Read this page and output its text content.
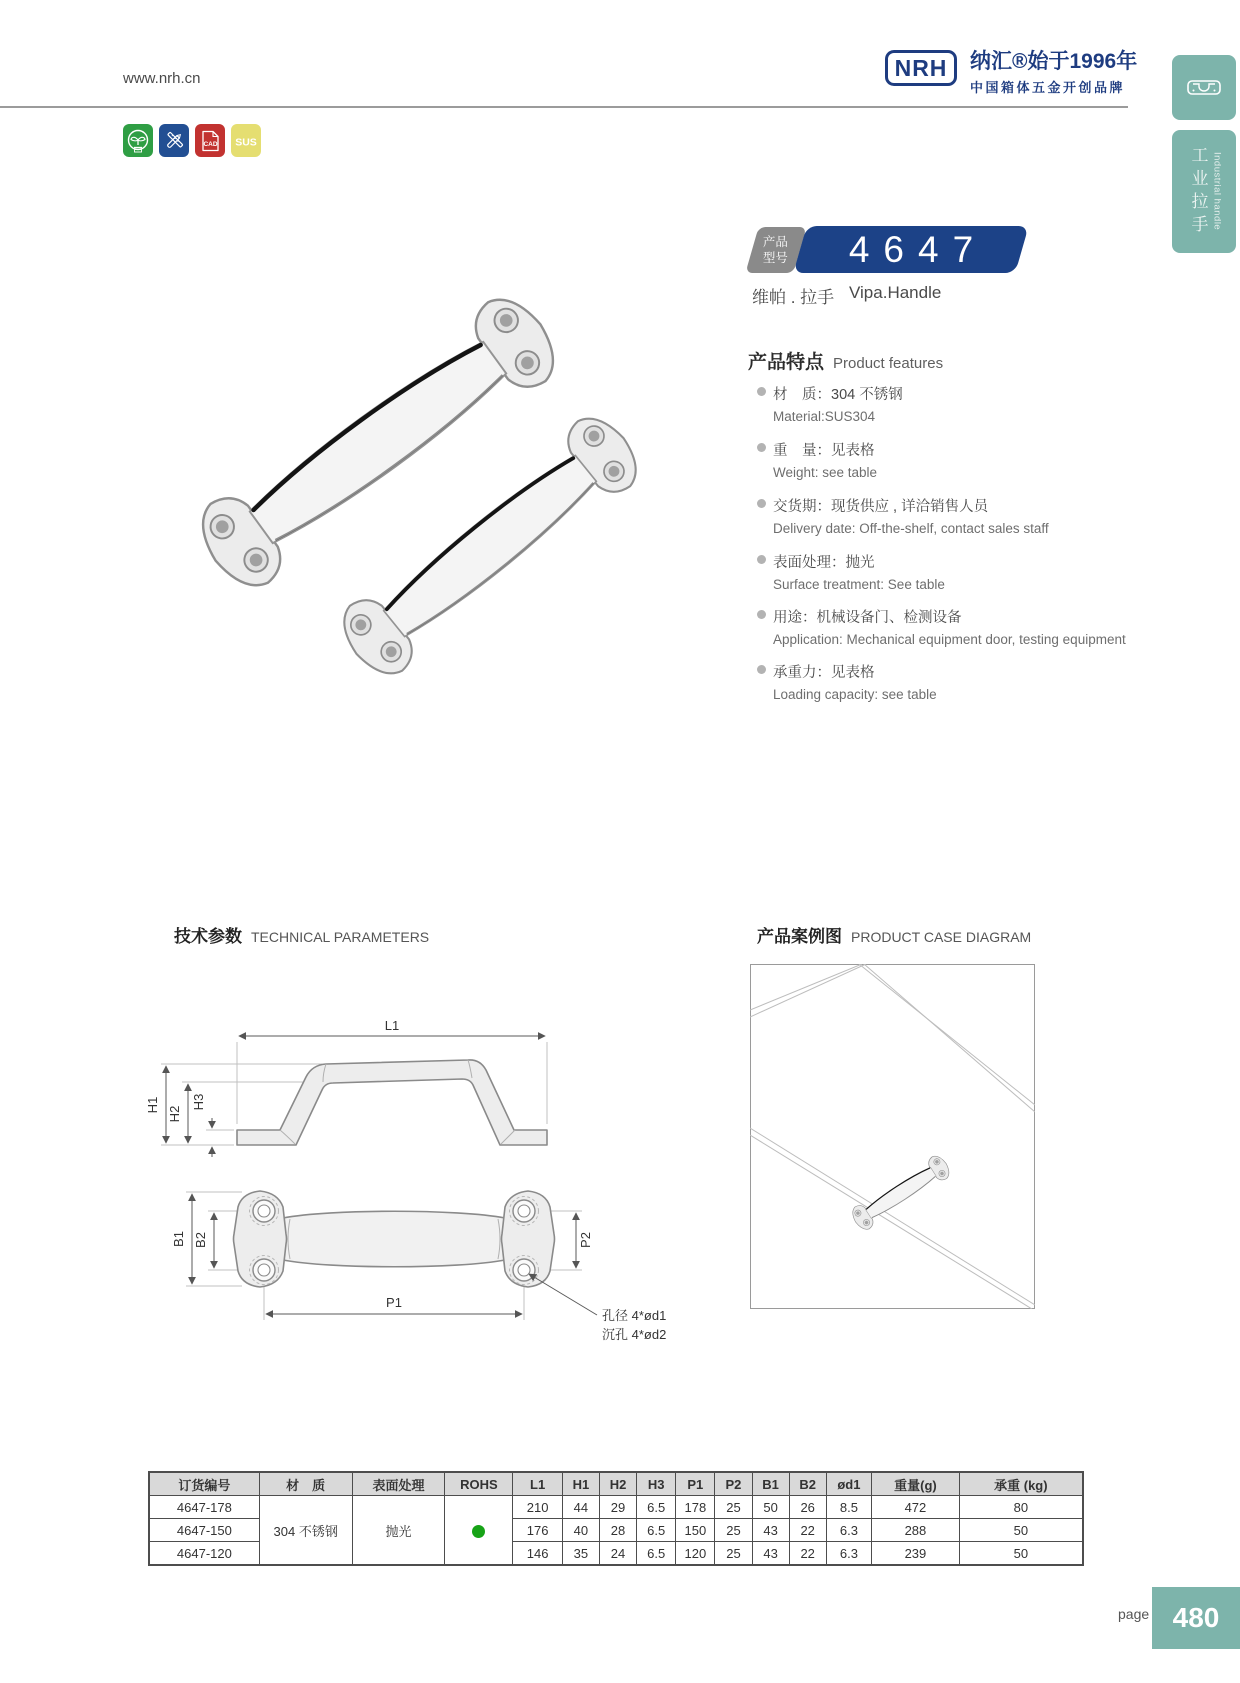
www.nrh.cn
CAD SUS
NRH	纳汇®始于1996年
中国箱体五金开创品牌
工业拉手 Industrial handle
产品
型号	4647
维帕 . 拉手 Vipa.Handle
产品特点 Product features
材　质：304 不锈钢
Material:SUS304
重　量：见表格
Weight: see table
交货期：现货供应 , 详洽销售人员
Delivery date: Off-the-shelf, contact sales staff
表面处理：抛光
Surface treatment: See table
用途：机械设备门、检测设备
Application: Mechanical equipment door, testing equipment
承重力：见表格
Loading capacity: see table
技术参数 TECHNICAL PARAMETERS	产品案例图 PRODUCT CASE DIAGRAM
L1
H1
H2
H3
B1 B2	P2
P1
孔径 4*ød1
沉孔 4*ød2
订货编号	材　质	表面处理	ROHS	L1	H1	H2	H3	P1	P2	B1	B2	ød1	重量(g)	承重 (kg)
4647-178	304 不锈钢	抛光		210	44	29	6.5	178	25	50	26	8.5	472	80
4647-150				176	40	28	6.5	150	25	43	22	6.3	288	50
4647-120				146	35	24	6.5	120	25	43	22	6.3	239	50
page 480
